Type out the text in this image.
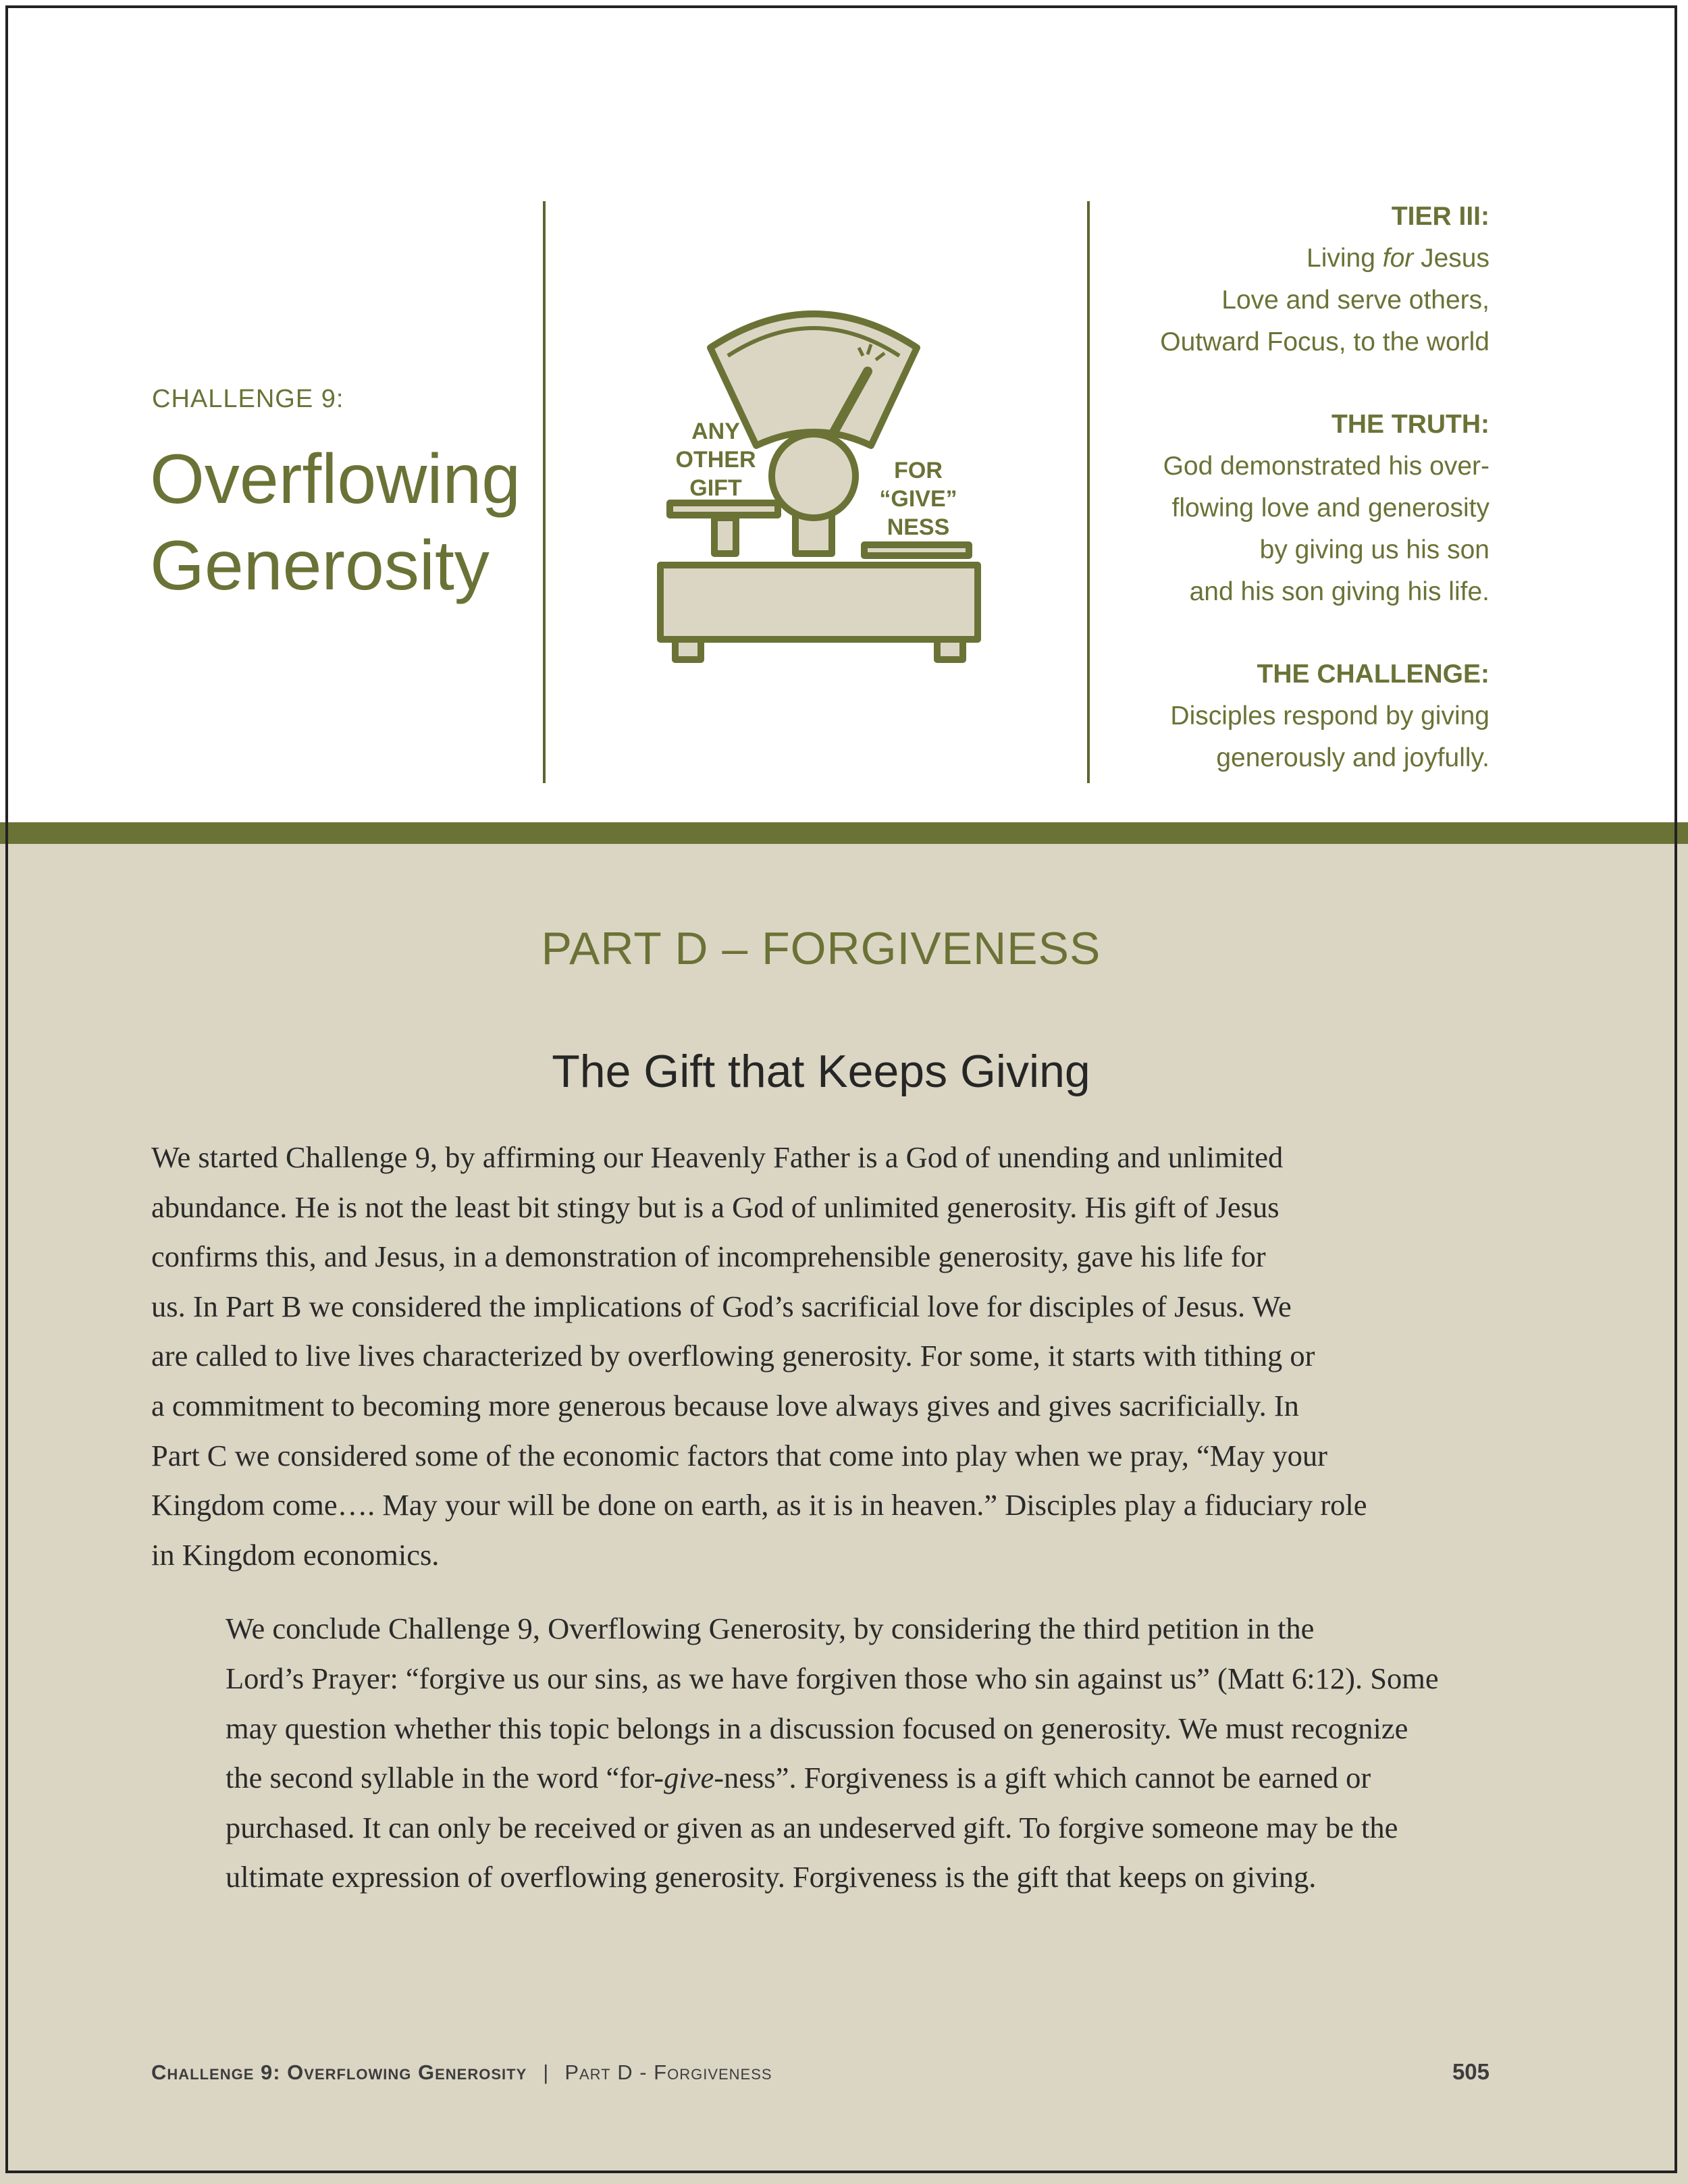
CHALLENGE 9:
Overflowing
Generosity
ANY
OTHER
GIFT
FOR
“GIVE”
NESS
TIER III:
Living for Jesus
Love and serve others,
Outward Focus, to the world
THE TRUTH:
God demonstrated his over-
flowing love and generosity
by giving us his son
and his son giving his life.
THE CHALLENGE:
Disciples respond by giving
generously and joyfully.
PART D – FORGIVENESS
The Gift that Keeps Giving

We started Challenge 9, by affirming our Heavenly Father is a God of unending and unlimited
abundance. He is not the least bit stingy but is a God of unlimited generosity. His gift of Jesus
confirms this, and Jesus, in a demonstration of incomprehensible generosity, gave his life for
us. In Part B we considered the implications of God’s sacrificial love for disciples of Jesus. We
are called to live lives characterized by overflowing generosity. For some, it starts with tithing or
a commitment to becoming more generous because love always gives and gives sacrificially. In
Part C we considered some of the economic factors that come into play when we pray, “May your
Kingdom come…. May your will be done on earth, as it is in heaven.” Disciples play a fiduciary role
in Kingdom economics.

We conclude Challenge 9, Overflowing Generosity, by considering the third petition in the
Lord’s Prayer: “forgive us our sins, as we have forgiven those who sin against us” (Matt 6:12). Some
may question whether this topic belongs in a discussion focused on generosity. We must recognize
the second syllable in the word “for-give-ness”. Forgiveness is a gift which cannot be earned or
purchased. It can only be received or given as an undeserved gift. To forgive someone may be the
ultimate expression of overflowing generosity. Forgiveness is the gift that keeps on giving.

Challenge 9: Overflowing Generosity | Part D - Forgiveness	505
